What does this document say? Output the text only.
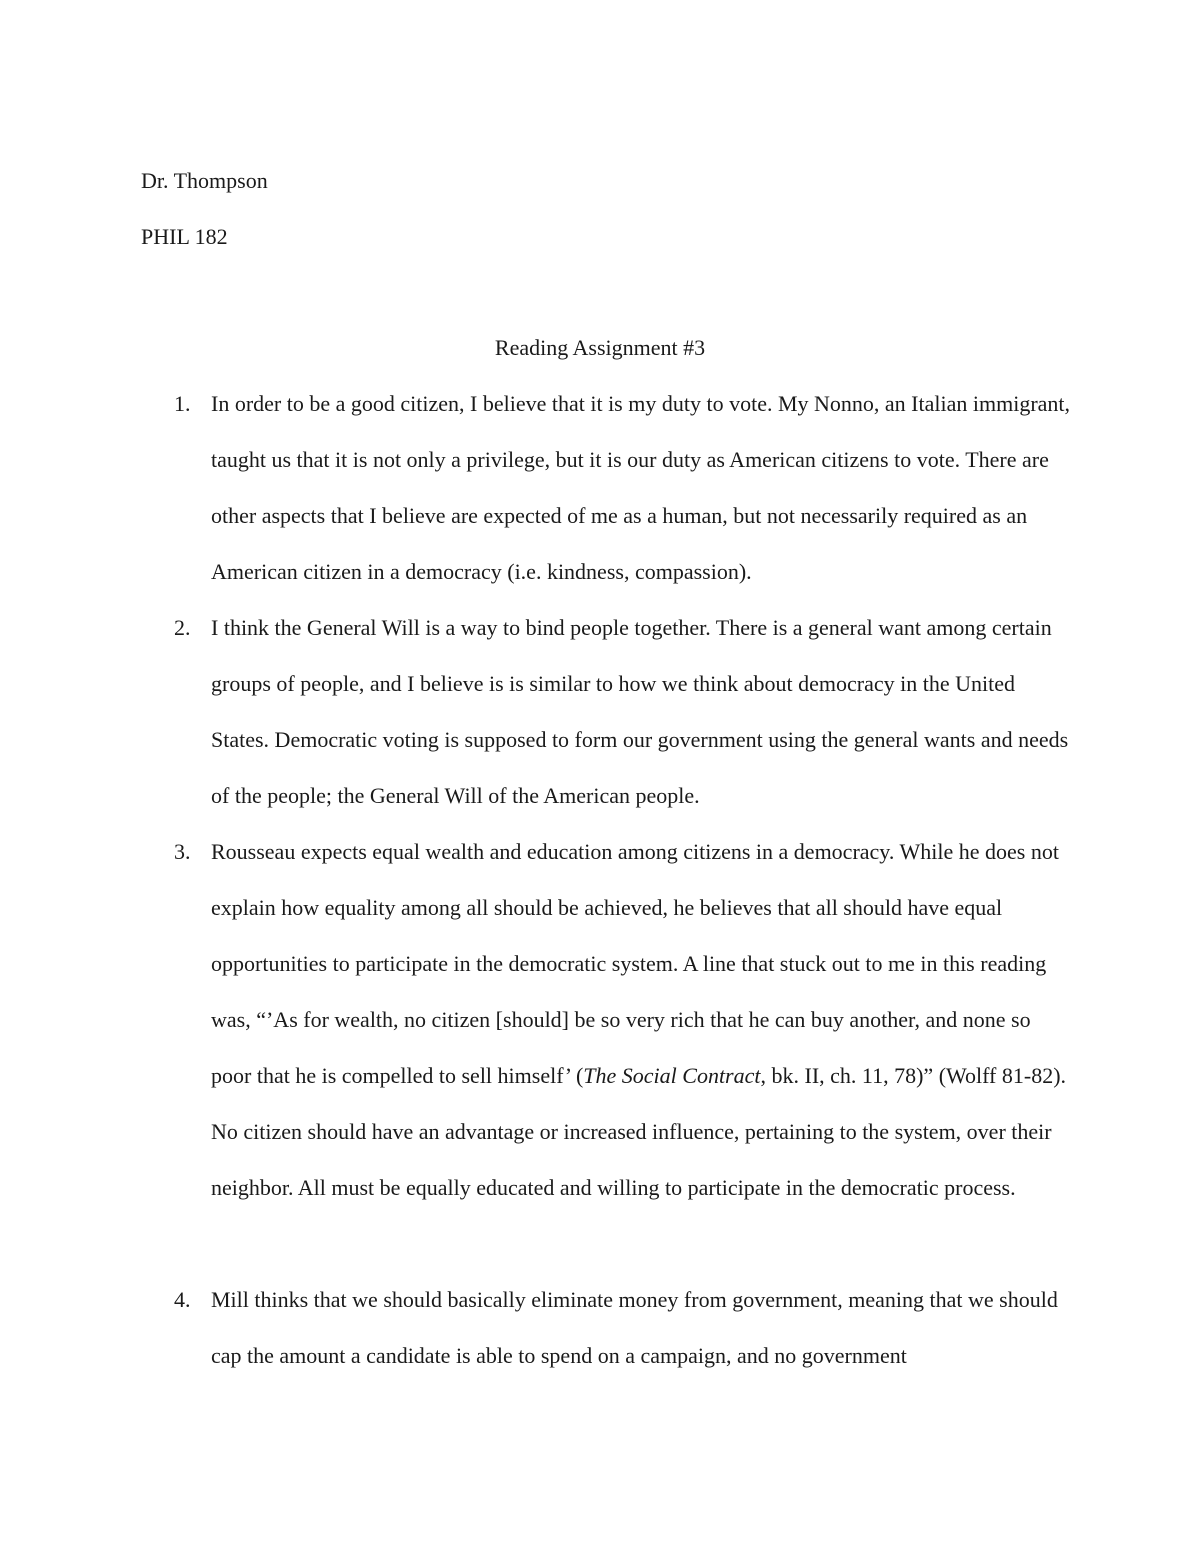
Dr. Thompson
PHIL 182
Reading Assignment #3
1. In order to be a good citizen, I believe that it is my duty to vote. My Nonno, an Italian immigrant, taught us that it is not only a privilege, but it is our duty as American citizens to vote. There are other aspects that I believe are expected of me as a human, but not necessarily required as an American citizen in a democracy (i.e. kindness, compassion).

2. I think the General Will is a way to bind people together. There is a general want among certain groups of people, and I believe is is similar to how we think about democracy in the United States. Democratic voting is supposed to form our government using the general wants and needs of the people; the General Will of the American people.

3. Rousseau expects equal wealth and education among citizens in a democracy. While he does not explain how equality among all should be achieved, he believes that all should have equal opportunities to participate in the democratic system. A line that stuck out to me in this reading was, “’As for wealth, no citizen [should] be so very rich that he can buy another, and none so poor that he is compelled to sell himself’ (The Social Contract, bk. II, ch. 11, 78)” (Wolff 81-82). No citizen should have an advantage or increased influence, pertaining to the system, over their neighbor. All must be equally educated and willing to participate in the democratic process.

4. Mill thinks that we should basically eliminate money from government, meaning that we should cap the amount a candidate is able to spend on a campaign, and no government
